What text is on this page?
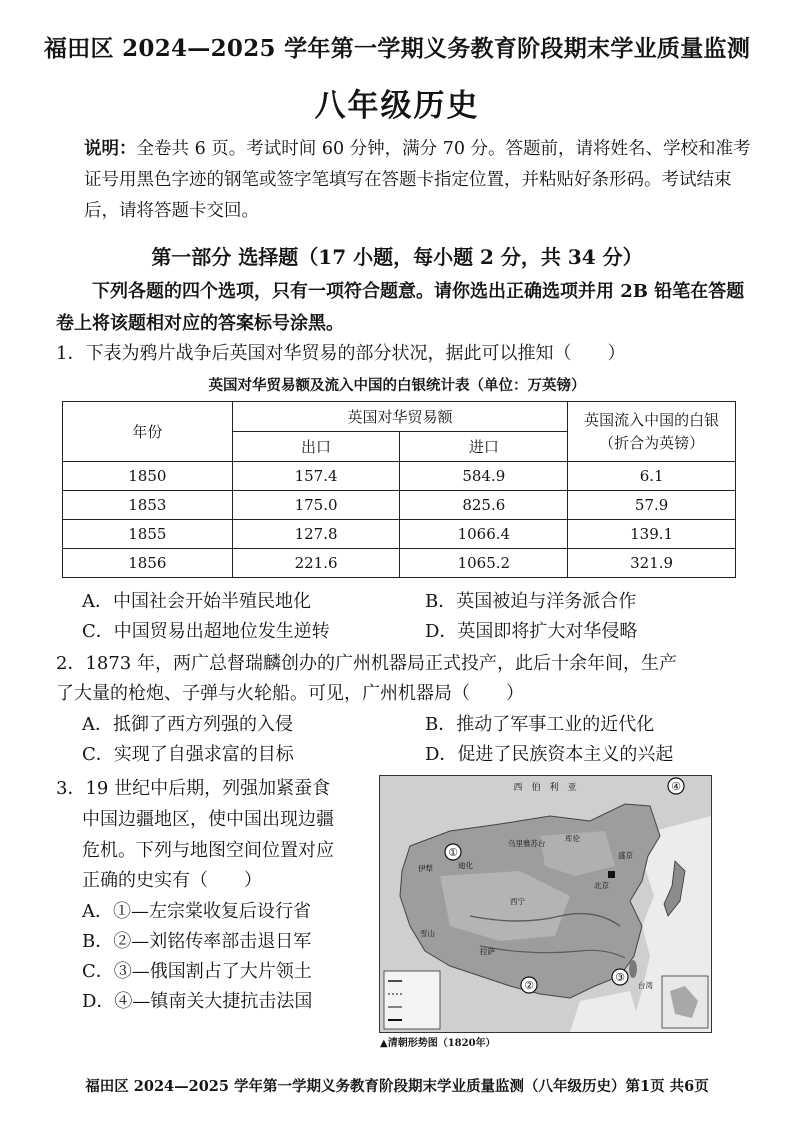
福田区 2024—2025 学年第一学期义务教育阶段期末学业质量监测
八年级历史
说明：全卷共 6 页。考试时间 60 分钟，满分 70 分。答题前，请将姓名、学校和准考证号用黑色字迹的钢笔或签字笔填写在答题卡指定位置，并粘贴好条形码。考试结束后，请将答题卡交回。
第一部分 选择题（17 小题，每小题 2 分，共 34 分）
下列各题的四个选项，只有一项符合题意。请你选出正确选项并用 2B 铅笔在答题卷上将该题相对应的答案标号涂黑。
1．下表为鸦片战争后英国对华贸易的部分状况，据此可以推知（　　）
英国对华贸易额及流入中国的白银统计表（单位：万英镑）
年份	英国对华贸易额		英国流入中国的白银
（折合为英镑）
	出口	进口	
1850	157.4	584.9	6.1
1853	175.0	825.6	57.9
1855	127.8	1066.4	139.1
1856	221.6	1065.2	321.9
A．中国社会开始半殖民地化	B．英国被迫与洋务派合作
C．中国贸易出超地位发生逆转	D．英国即将扩大对华侵略
2．1873 年，两广总督瑞麟创办的广州机器局正式投产，此后十余年间，生产
了大量的枪炮、子弹与火轮船。可见，广州机器局（　　）
A．抵御了西方列强的入侵	B．推动了军事工业的近代化
C．实现了自强求富的目标	D．促进了民族资本主义的兴起
3．19 世纪中后期，列强加紧蚕食
中国边疆地区，使中国出现边疆
危机。下列与地图空间位置对应
正确的史实有（　　）
A．①—左宗棠收复后设行省
B．②—刘铭传率部击退日军
C．③—俄国割占了大片领土
D．④—镇南关大捷抗击法国
西　伯　利　亚
乌里雅苏台
库伦
伊犁	迪化
北京
盛京
台湾
雪山
西宁
拉萨
①
②
③
④
▲清朝形势图（1820年）
福田区 2024—2025 学年第一学期义务教育阶段期末学业质量监测（八年级历史）第1页 共6页
